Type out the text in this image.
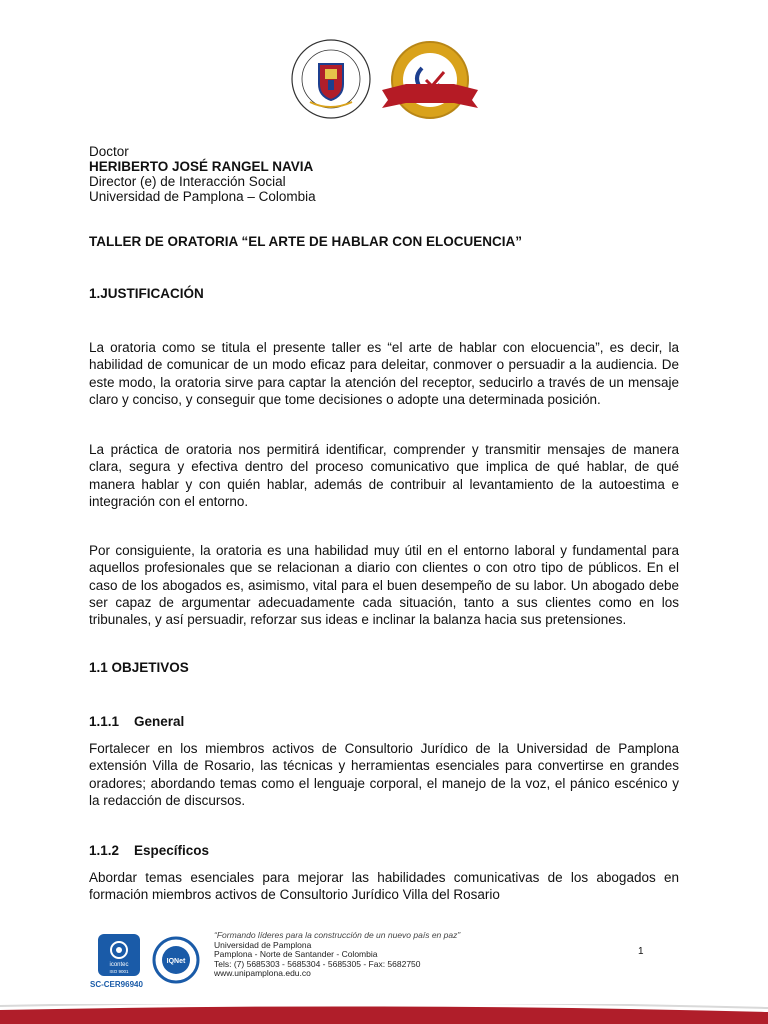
Doctor
HERIBERTO JOSÉ RANGEL NAVIA
Director (e) de Interacción Social
Universidad de Pamplona – Colombia
TALLER DE ORATORIA “EL ARTE DE HABLAR CON ELOCUENCIA”
1.JUSTIFICACIÓN
La oratoria como se titula el presente taller es “el arte de hablar con elocuencia”, es decir, la habilidad de comunicar de un modo eficaz para deleitar, conmover o persuadir a la audiencia. De este modo, la oratoria sirve para captar la atención del receptor, seducirlo a través de un mensaje claro y conciso, y conseguir que tome decisiones o adopte una determinada posición.
La práctica de oratoria nos permitirá identificar, comprender y transmitir mensajes de manera clara, segura y efectiva dentro del proceso comunicativo que implica de qué hablar, de qué manera hablar y con quién hablar, además de contribuir al levantamiento de la autoestima e integración con el entorno.
Por consiguiente, la oratoria es una habilidad muy útil en el entorno laboral y fundamental para aquellos profesionales que se relacionan a diario con clientes o con otro tipo de públicos. En el caso de los abogados es, asimismo, vital para el buen desempeño de su labor. Un abogado debe ser capaz de argumentar adecuadamente cada situación, tanto a sus clientes como en los tribunales, y así persuadir, reforzar sus ideas e inclinar la balanza hacia sus pretensiones.
1.1 OBJETIVOS
1.1.1 General
Fortalecer en los miembros activos de Consultorio Jurídico de la Universidad de Pamplona extensión Villa de Rosario, las técnicas y herramientas esenciales para convertirse en grandes oradores; abordando temas como el lenguaje corporal, el manejo de la voz, el pánico escénico y la redacción de discursos.
1.1.2 Específicos
Abordar temas esenciales para mejorar las habilidades comunicativas de los abogados en formación miembros activos de Consultorio Jurídico Villa del Rosario
icontec
ISO 9001
IQNet
SC-CER96940
“Formando líderes para la construcción de un nuevo país en paz”
Universidad de Pamplona
Pamplona - Norte de Santander - Colombia
Tels: (7) 5685303 - 5685304 - 5685305 - Fax: 5682750
www.unipamplona.edu.co
1
